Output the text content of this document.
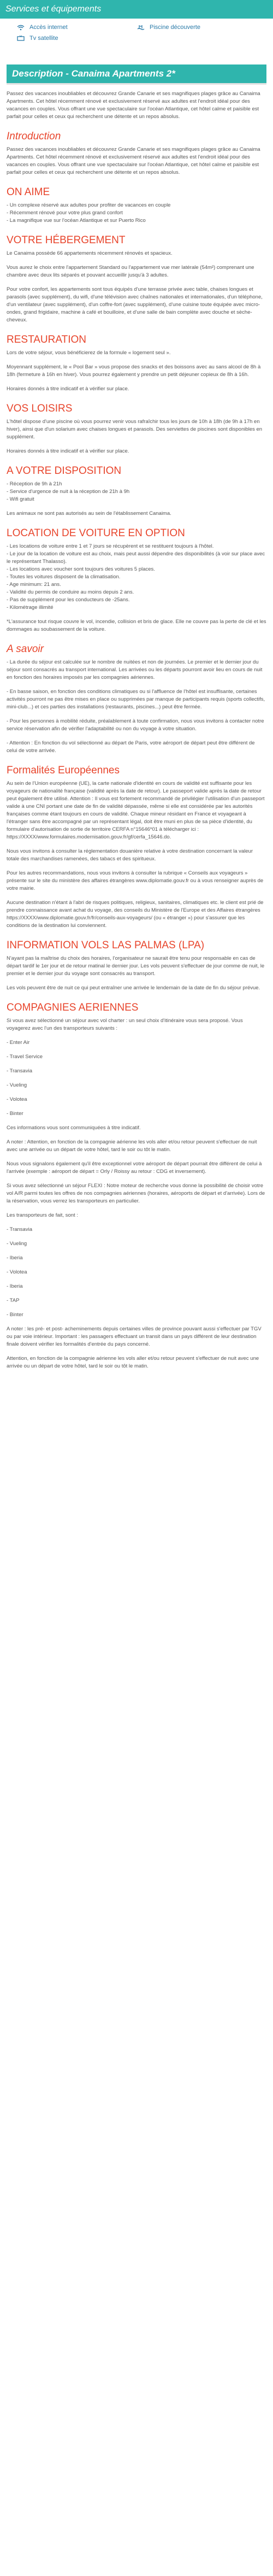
Services et équipements
Accès internet	Piscine découverte
Tv satellite
Description - Canaima Apartments 2*

Passez des vacances inoubliables et découvrez Grande Canarie et ses magnifiques plages grâce au Canaima Apartments. Cet hôtel récemment rénové et exclusivement réservé aux adultes est l'endroit idéal pour des vacances en couples. Vous offrant une vue spectaculaire sur l'océan Atlantique, cet hôtel calme et paisible est parfait pour celles et ceux qui recherchent une détente et un repos absolus.

Introduction

Passez des vacances inoubliables et découvrez Grande Canarie et ses magnifiques plages grâce au Canaima Apartments. Cet hôtel récemment rénové et exclusivement réservé aux adultes est l'endroit idéal pour des vacances en couples. Vous offrant une vue spectaculaire sur l'océan Atlantique, cet hôtel calme et paisible est parfait pour celles et ceux qui recherchent une détente et un repos absolus.

ON AIME
- Un complexe réservé aux adultes pour profiter de vacances en couple
- Récemment rénové pour votre plus grand confort
- La magnifique vue sur l'océan Atlantique et sur Puerto Rico
VOTRE HÉBERGEMENT

Le Canaima possède 66 appartements récemment rénovés et spacieux.

Vous aurez le choix entre l'appartement Standard ou l'appartement vue mer latérale (54m²) comprenant une chambre avec deux lits séparés et pouvant accueillir jusqu'à 3 adultes.

Pour votre confort, les appartements sont tous équipés d'une terrasse privée avec table, chaises longues et parasols (avec supplément), du wifi, d'une télévision avec chaînes nationales et internationales, d'un téléphone, d'un ventilateur (avec supplément), d'un coffre-fort (avec supplément), d'une cuisine toute équipée avec micro-ondes, grand frigidaire, machine à café et bouilloire, et d'une salle de bain complète avec douche et sèche-cheveux.

RESTAURATION

Lors de votre séjour, vous bénéficierez de la formule « logement seul ».

Moyennant supplément, le « Pool Bar » vous propose des snacks et des boissons avec au sans alcool de 8h à 18h (fermeture à 16h en hiver). Vous pourrez également y prendre un petit déjeuner copieux de 8h à 16h.

Horaires donnés à titre indicatif et à vérifier sur place.

VOS LOISIRS

L'hôtel dispose d'une piscine où vous pourrez venir vous rafraîchir tous les jours de 10h à 18h (de 9h à 17h en hiver), ainsi que d'un solarium avec chaises longues et parasols. Des serviettes de piscines sont disponibles en supplément.

Horaires donnés à titre indicatif et à vérifier sur place.

A VOTRE DISPOSITION
- Réception de 9h à 21h
- Service d'urgence de nuit à la réception de 21h à 9h
- Wifi gratuit

Les animaux ne sont pas autorisés au sein de l'établissement Canaima.

LOCATION DE VOITURE EN OPTION
- Les locations de voiture entre 1 et 7 jours se récupèrent et se restituent toujours à l'hôtel.
- Le jour de la location de voiture est au choix, mais peut aussi dépendre des disponibilités (à voir sur place avec le représentant Thalasso).
- Les locations avec voucher sont toujours des voitures 5 places.
- Toutes les voitures disposent de la climatisation.
- Age minimum: 21 ans.
- Validité du permis de conduire au moins depuis 2 ans.
- Pas de supplément pour les conducteurs de -25ans.
- Kilométrage illimité

*L'assurance tout risque couvre le vol, incendie, collision et bris de glace. Elle ne couvre pas la perte de clé et les dommages au soubassement de la voiture.

A savoir

- La durée du séjour est calculée sur le nombre de nuitées et non de journées. Le premier et le dernier jour du séjour sont consacrés au transport international. Les arrivées ou les départs pourront avoir lieu en cours de nuit en fonction des horaires imposés par les compagnies aériennes.

- En basse saison, en fonction des conditions climatiques ou si l'affluence de l'hôtel est insuffisante, certaines activités pourront ne pas être mises en place ou supprimées par manque de participants requis (sports collectifs, mini-club...) et ces parties des installations (restaurants, piscines...) peut être fermée.

- Pour les personnes à mobilité réduite, préalablement à toute confirmation, nous vous invitons à contacter notre service réservation afin de vérifier l'adaptabilité ou non du voyage à votre situation.

- Attention : En fonction du vol sélectionné au départ de Paris, votre aéroport de départ peut être différent de celui de votre arrivée.

Formalités Européennes

Au sein de l'Union européenne (UE), la carte nationale d'identité en cours de validité est suffisante pour les voyageurs de nationalité française (validité après la date de retour). Le passeport valide après la date de retour peut également être utilisé. Attention : Il vous est fortement recommandé de privilégier l'utilisation d'un passeport valide à une CNI portant une date de fin de validité dépassée, même si elle est considérée par les autorités françaises comme étant toujours en cours de validité. Chaque mineur résidant en France et voyageant à l'étranger sans être accompagné par un représentant légal, doit être muni en plus de sa pièce d'identité, du formulaire d'autorisation de sortie de territoire CERFA n°15646*01 à télécharger ici : https://XXXX/www.formulaires.modernisation.gouv.fr/gf/cerfa_15646.do.

Nous vous invitons à consulter la réglementation douanière relative à votre destination concernant la valeur totale des marchandises ramenées, des tabacs et des spiritueux.

Pour les autres recommandations, nous vous invitons à consulter la rubrique « Conseils aux voyageurs » présente sur le site du ministère des affaires étrangères www.diplomatie.gouv.fr ou à vous renseigner auprès de votre mairie.

Aucune destination n'étant à l'abri de risques politiques, religieux, sanitaires, climatiques etc. le client est prié de prendre connaissance avant achat du voyage, des conseils du Ministère de l'Europe et des Affaires étrangères https://XXXX/www.diplomatie.gouv.fr/fr/conseils-aux-voyageurs/ (ou « étranger ») pour s'assurer que les conditions de la destination lui conviennent.

INFORMATION VOLS LAS PALMAS (LPA)

N'ayant pas la maîtrise du choix des horaires, l'organisateur ne saurait être tenu pour responsable en cas de départ tardif le 1er jour et de retour matinal le dernier jour. Les vols peuvent s'effectuer de jour comme de nuit, le premier et le dernier jour du voyage sont consacrés au transport.

Les vols peuvent être de nuit ce qui peut entraîner une arrivée le lendemain de la date de fin du séjour prévue.

COMPAGNIES AERIENNES

Si vous avez sélectionné un séjour avec vol charter : un seul choix d'itinéraire vous sera proposé. Vous voyagerez avec l'un des transporteurs suivants :

- Enter Air

- Travel Service

- Transavia

- Vueling

- Volotea

- Binter

Ces informations vous sont communiquées à titre indicatif.

A noter : Attention, en fonction de la compagnie aérienne les vols aller et/ou retour peuvent s'effectuer de nuit avec une arrivée ou un départ de votre hôtel, tard le soir ou tôt le matin.

Nous vous signalons également qu'il être exceptionnel votre aéroport de départ pourrait être différent de celui à l'arrivée (exemple : aéroport de départ = Orly / Roissy au retour : CDG et inversement).

Si vous avez sélectionné un séjour FLEXI : Notre moteur de recherche vous donne la possibilité de choisir votre vol A/R parmi toutes les offres de nos compagnies aériennes (horaires, aéroports de départ et d'arrivée). Lors de la réservation, vous verrez les transporteurs en particulier.

Les transporteurs de fait, sont :

- Transavia

- Vueling

- Iberia

- Volotea

- Iberia

- TAP

- Binter

A noter : les pré- et post- acheminements depuis certaines villes de province pouvant aussi s'effectuer par TGV ou par voie intérieur. Important : les passagers effectuant un transit dans un pays différent de leur destination finale doivent vérifier les formalités d'entrée du pays concerné.

Attention, en fonction de la compagnie aérienne les vols aller et/ou retour peuvent s'effectuer de nuit avec une arrivée ou un départ de votre hôtel, tard le soir ou tôt le matin.
